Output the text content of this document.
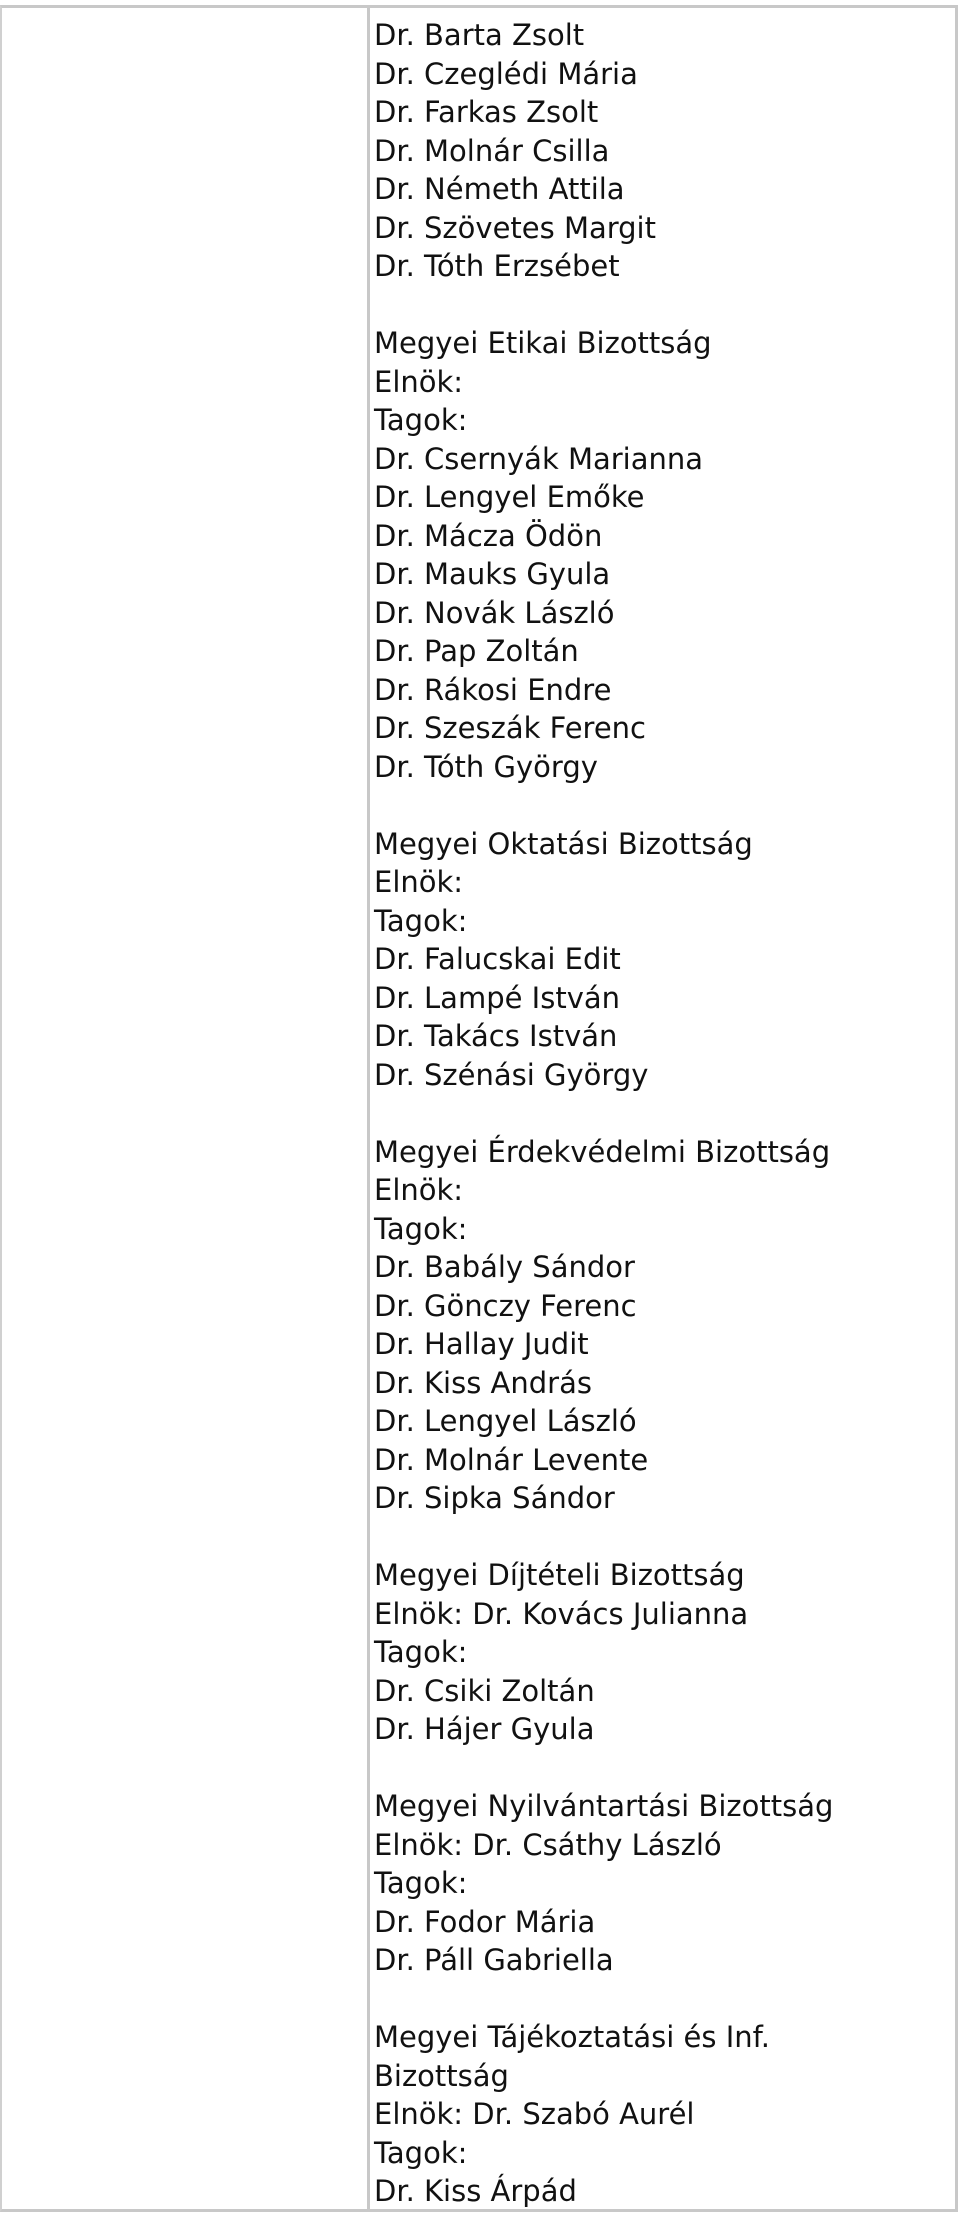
Dr. Barta Zsolt
Dr. Czeglédi Mária
Dr. Farkas Zsolt
Dr. Molnár Csilla
Dr. Németh Attila
Dr. Szövetes Margit
Dr. Tóth Erzsébet
Megyei Etikai Bizottság
Elnök:
Tagok:
Dr. Csernyák Marianna
Dr. Lengyel Emőke
Dr. Mácza Ödön
Dr. Mauks Gyula
Dr. Novák László
Dr. Pap Zoltán
Dr. Rákosi Endre
Dr. Szeszák Ferenc
Dr. Tóth György
Megyei Oktatási Bizottság
Elnök:
Tagok:
Dr. Falucskai Edit
Dr. Lampé István
Dr. Takács István
Dr. Szénási György
Megyei Érdekvédelmi Bizottság
Elnök:
Tagok:
Dr. Babály Sándor
Dr. Gönczy Ferenc
Dr. Hallay Judit
Dr. Kiss András
Dr. Lengyel László
Dr. Molnár Levente
Dr. Sipka Sándor
Megyei Díjtételi Bizottság
Elnök: Dr. Kovács Julianna
Tagok:
Dr. Csiki Zoltán
Dr. Hájer Gyula
Megyei Nyilvántartási Bizottság
Elnök: Dr. Csáthy László
Tagok:
Dr. Fodor Mária
Dr. Páll Gabriella
Megyei Tájékoztatási és Inf.
Bizottság
Elnök: Dr. Szabó Aurél
Tagok:
Dr. Kiss Árpád
